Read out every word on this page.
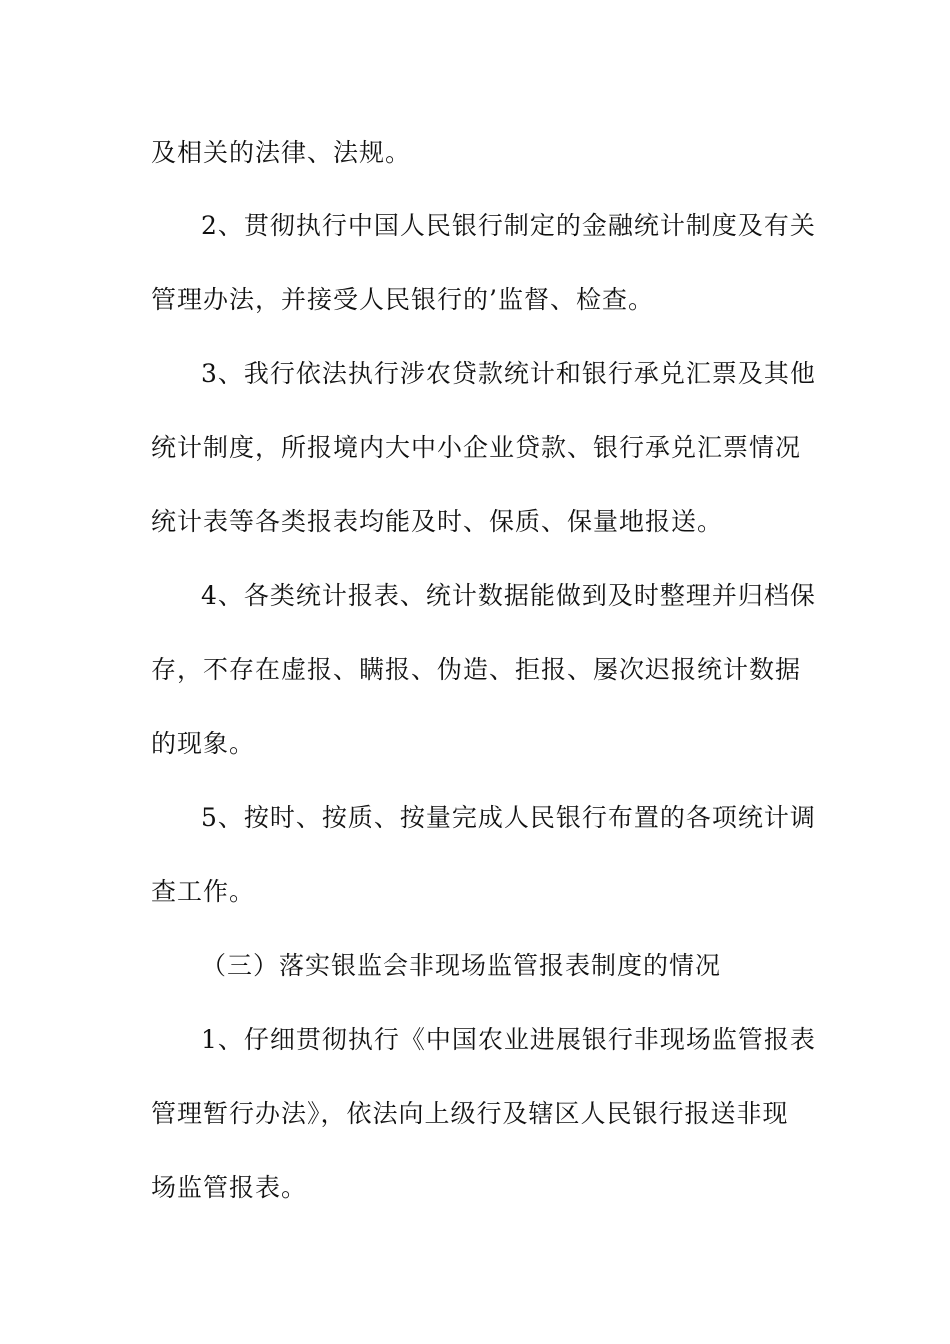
及相关的法律、法规。
2、贯彻执行中国人民银行制定的金融统计制度及有关
管理办法，并接受人民银行的’监督、检查。
3、我行依法执行涉农贷款统计和银行承兑汇票及其他
统计制度，所报境内大中小企业贷款、银行承兑汇票情况
统计表等各类报表均能及时、保质、保量地报送。
4、各类统计报表、统计数据能做到及时整理并归档保
存，不存在虚报、瞒报、伪造、拒报、屡次迟报统计数据
的现象。
5、按时、按质、按量完成人民银行布置的各项统计调
查工作。
（三）落实银监会非现场监管报表制度的情况
1、仔细贯彻执行《中国农业进展银行非现场监管报表
管理暂行办法》，依法向上级行及辖区人民银行报送非现
场监管报表。
